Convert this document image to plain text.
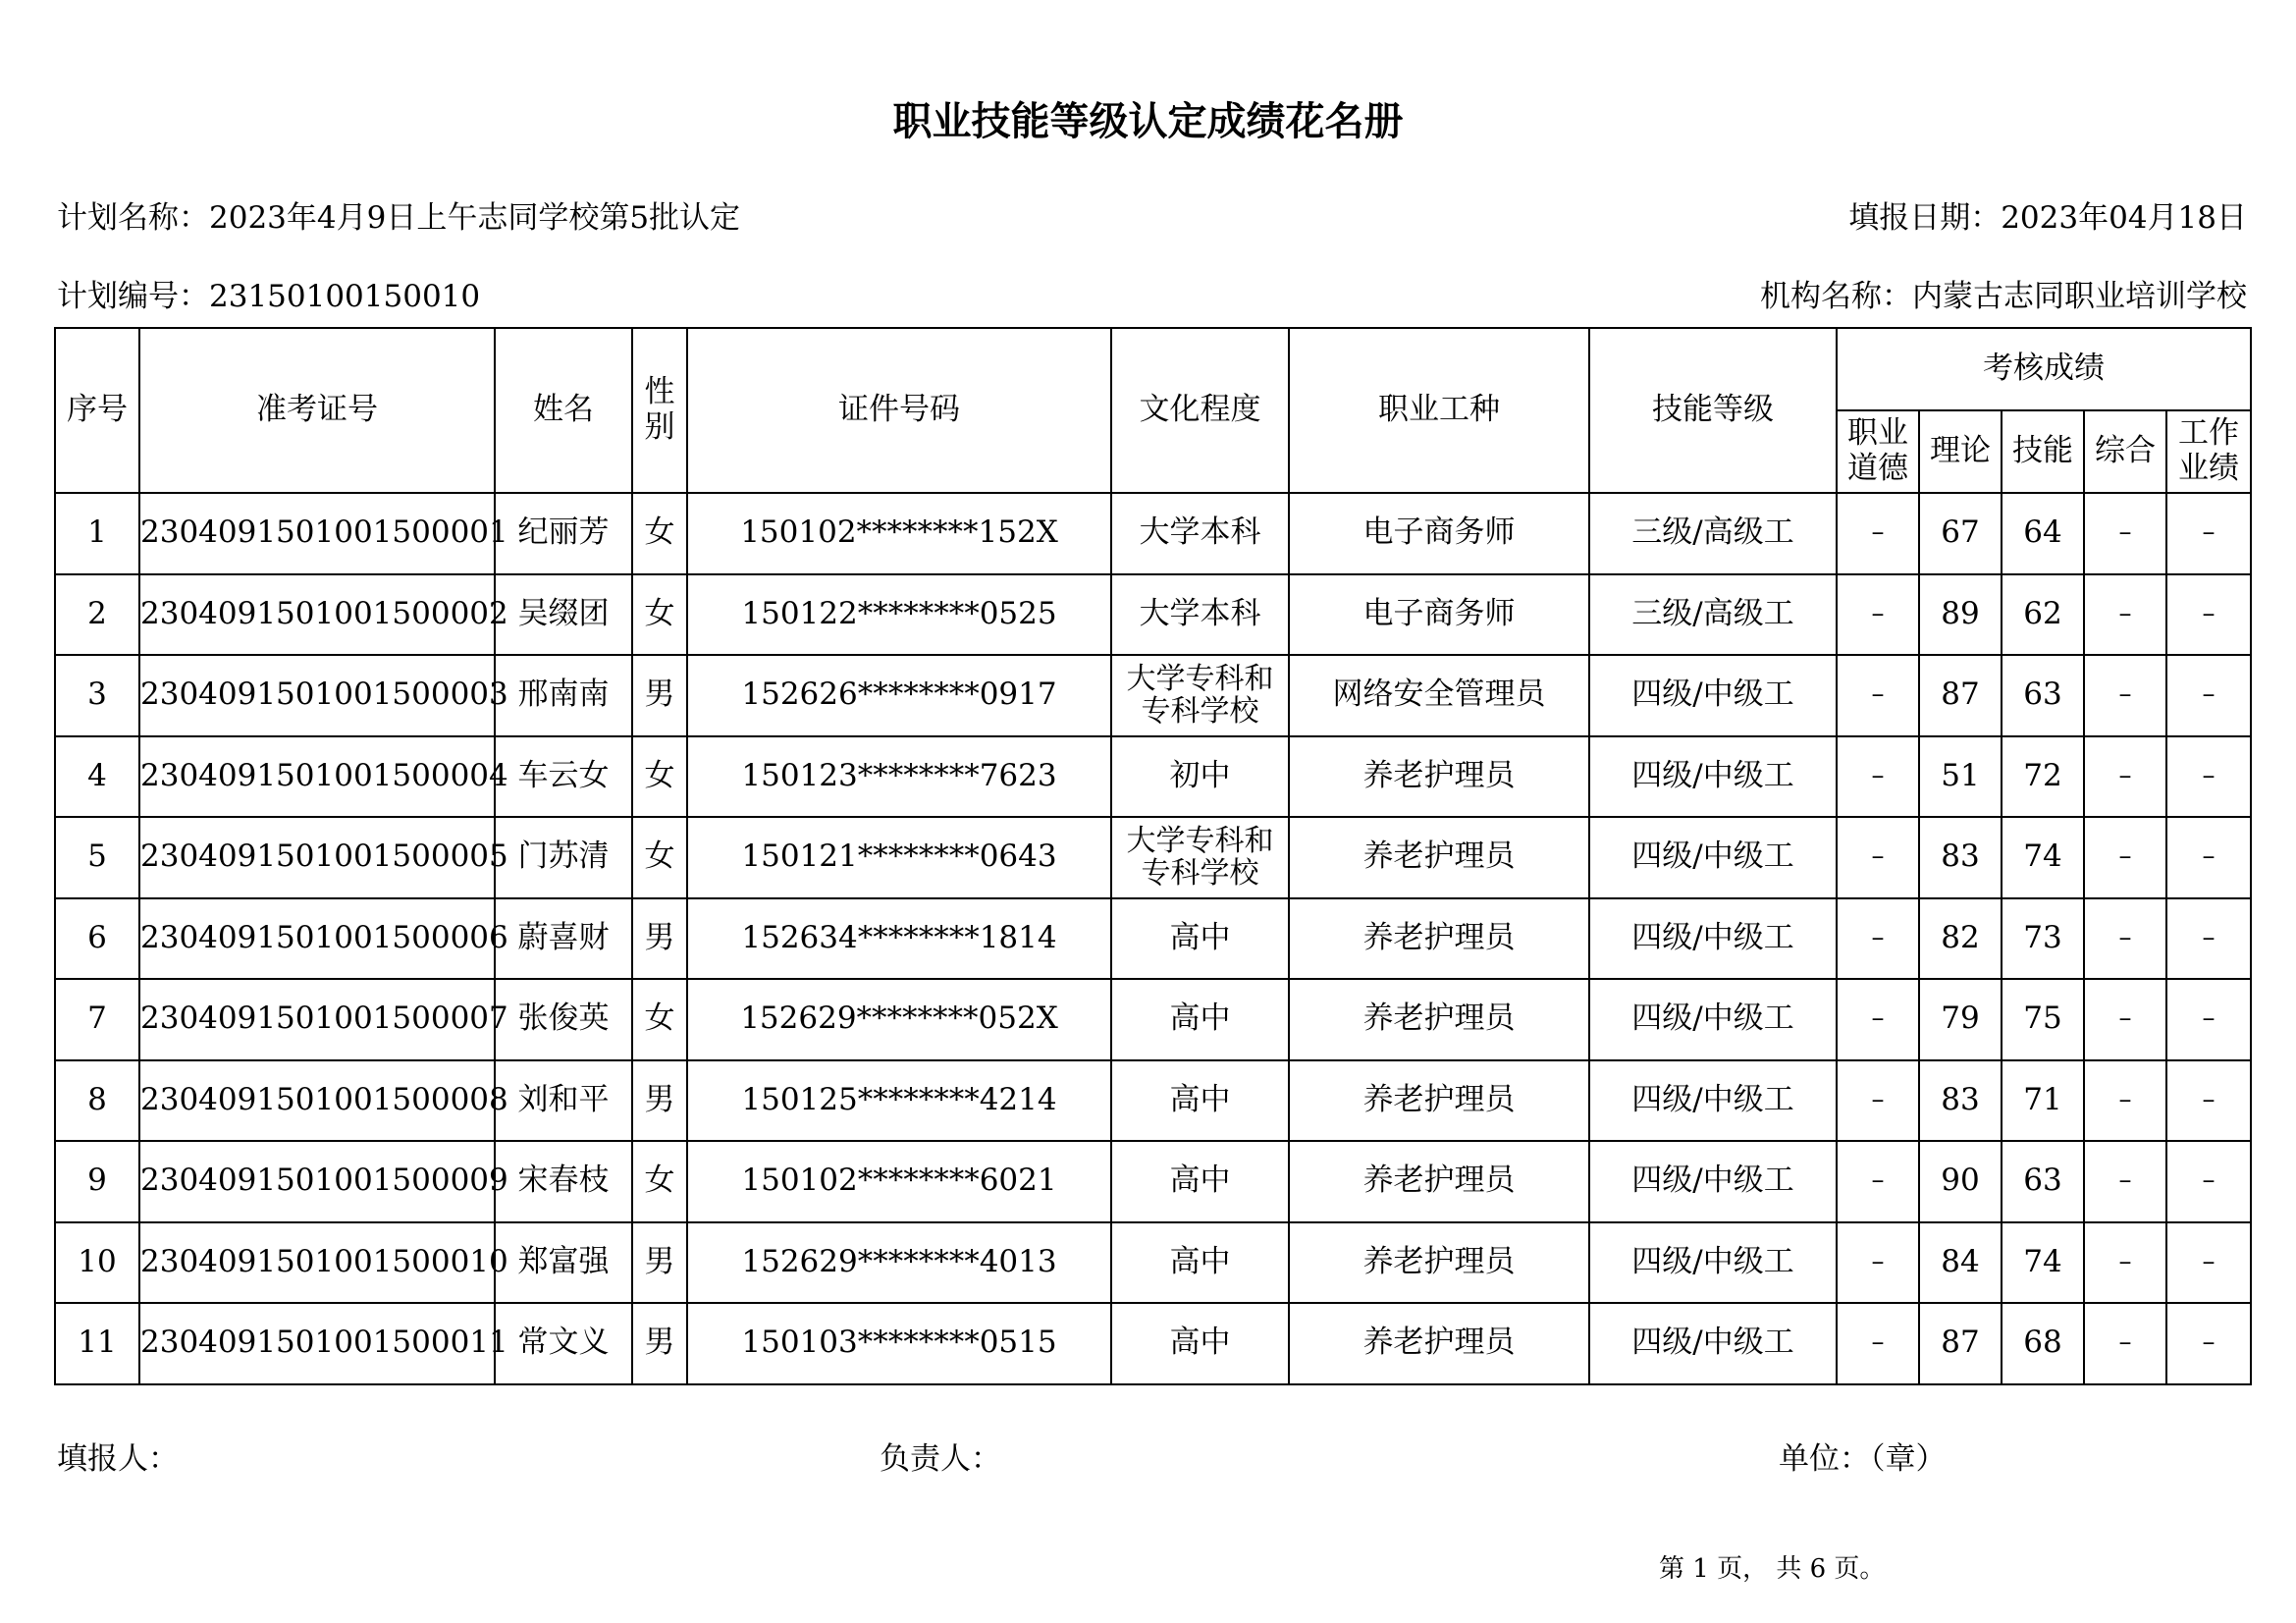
职业技能等级认定成绩花名册
计划名称：2023年4月9日上午志同学校第5批认定	填报日期：2023年04月18日
计划编号：23150100150010	机构名称：内蒙古志同职业培训学校
序号	准考证号	姓名	性别	证件号码	文化程度	职业工种	技能等级	考核成绩				
								职业道德	理论	技能	综合	工作业绩
1	2304091501001500001	纪丽芳	女	150102********152X	大学本科	电子商务师	三级/高级工	–	67	64	–	–
2	2304091501001500002	吴缀团	女	150122********0525	大学本科	电子商务师	三级/高级工	–	89	62	–	–
3	2304091501001500003	邢南南	男	152626********0917	大学专科和专科学校	网络安全管理员	四级/中级工	–	87	63	–	–
4	2304091501001500004	车云女	女	150123********7623	初中	养老护理员	四级/中级工	–	51	72	–	–
5	2304091501001500005	门苏清	女	150121********0643	大学专科和专科学校	养老护理员	四级/中级工	–	83	74	–	–
6	2304091501001500006	蔚喜财	男	152634********1814	高中	养老护理员	四级/中级工	–	82	73	–	–
7	2304091501001500007	张俊英	女	152629********052X	高中	养老护理员	四级/中级工	–	79	75	–	–
8	2304091501001500008	刘和平	男	150125********4214	高中	养老护理员	四级/中级工	–	83	71	–	–
9	2304091501001500009	宋春枝	女	150102********6021	高中	养老护理员	四级/中级工	–	90	63	–	–
10	2304091501001500010	郑富强	男	152629********4013	高中	养老护理员	四级/中级工	–	84	74	–	–
11	2304091501001500011	常文义	男	150103********0515	高中	养老护理员	四级/中级工	–	87	68	–	–
填报人：	负责人：	单位：（章）
第 1 页， 共 6 页。
